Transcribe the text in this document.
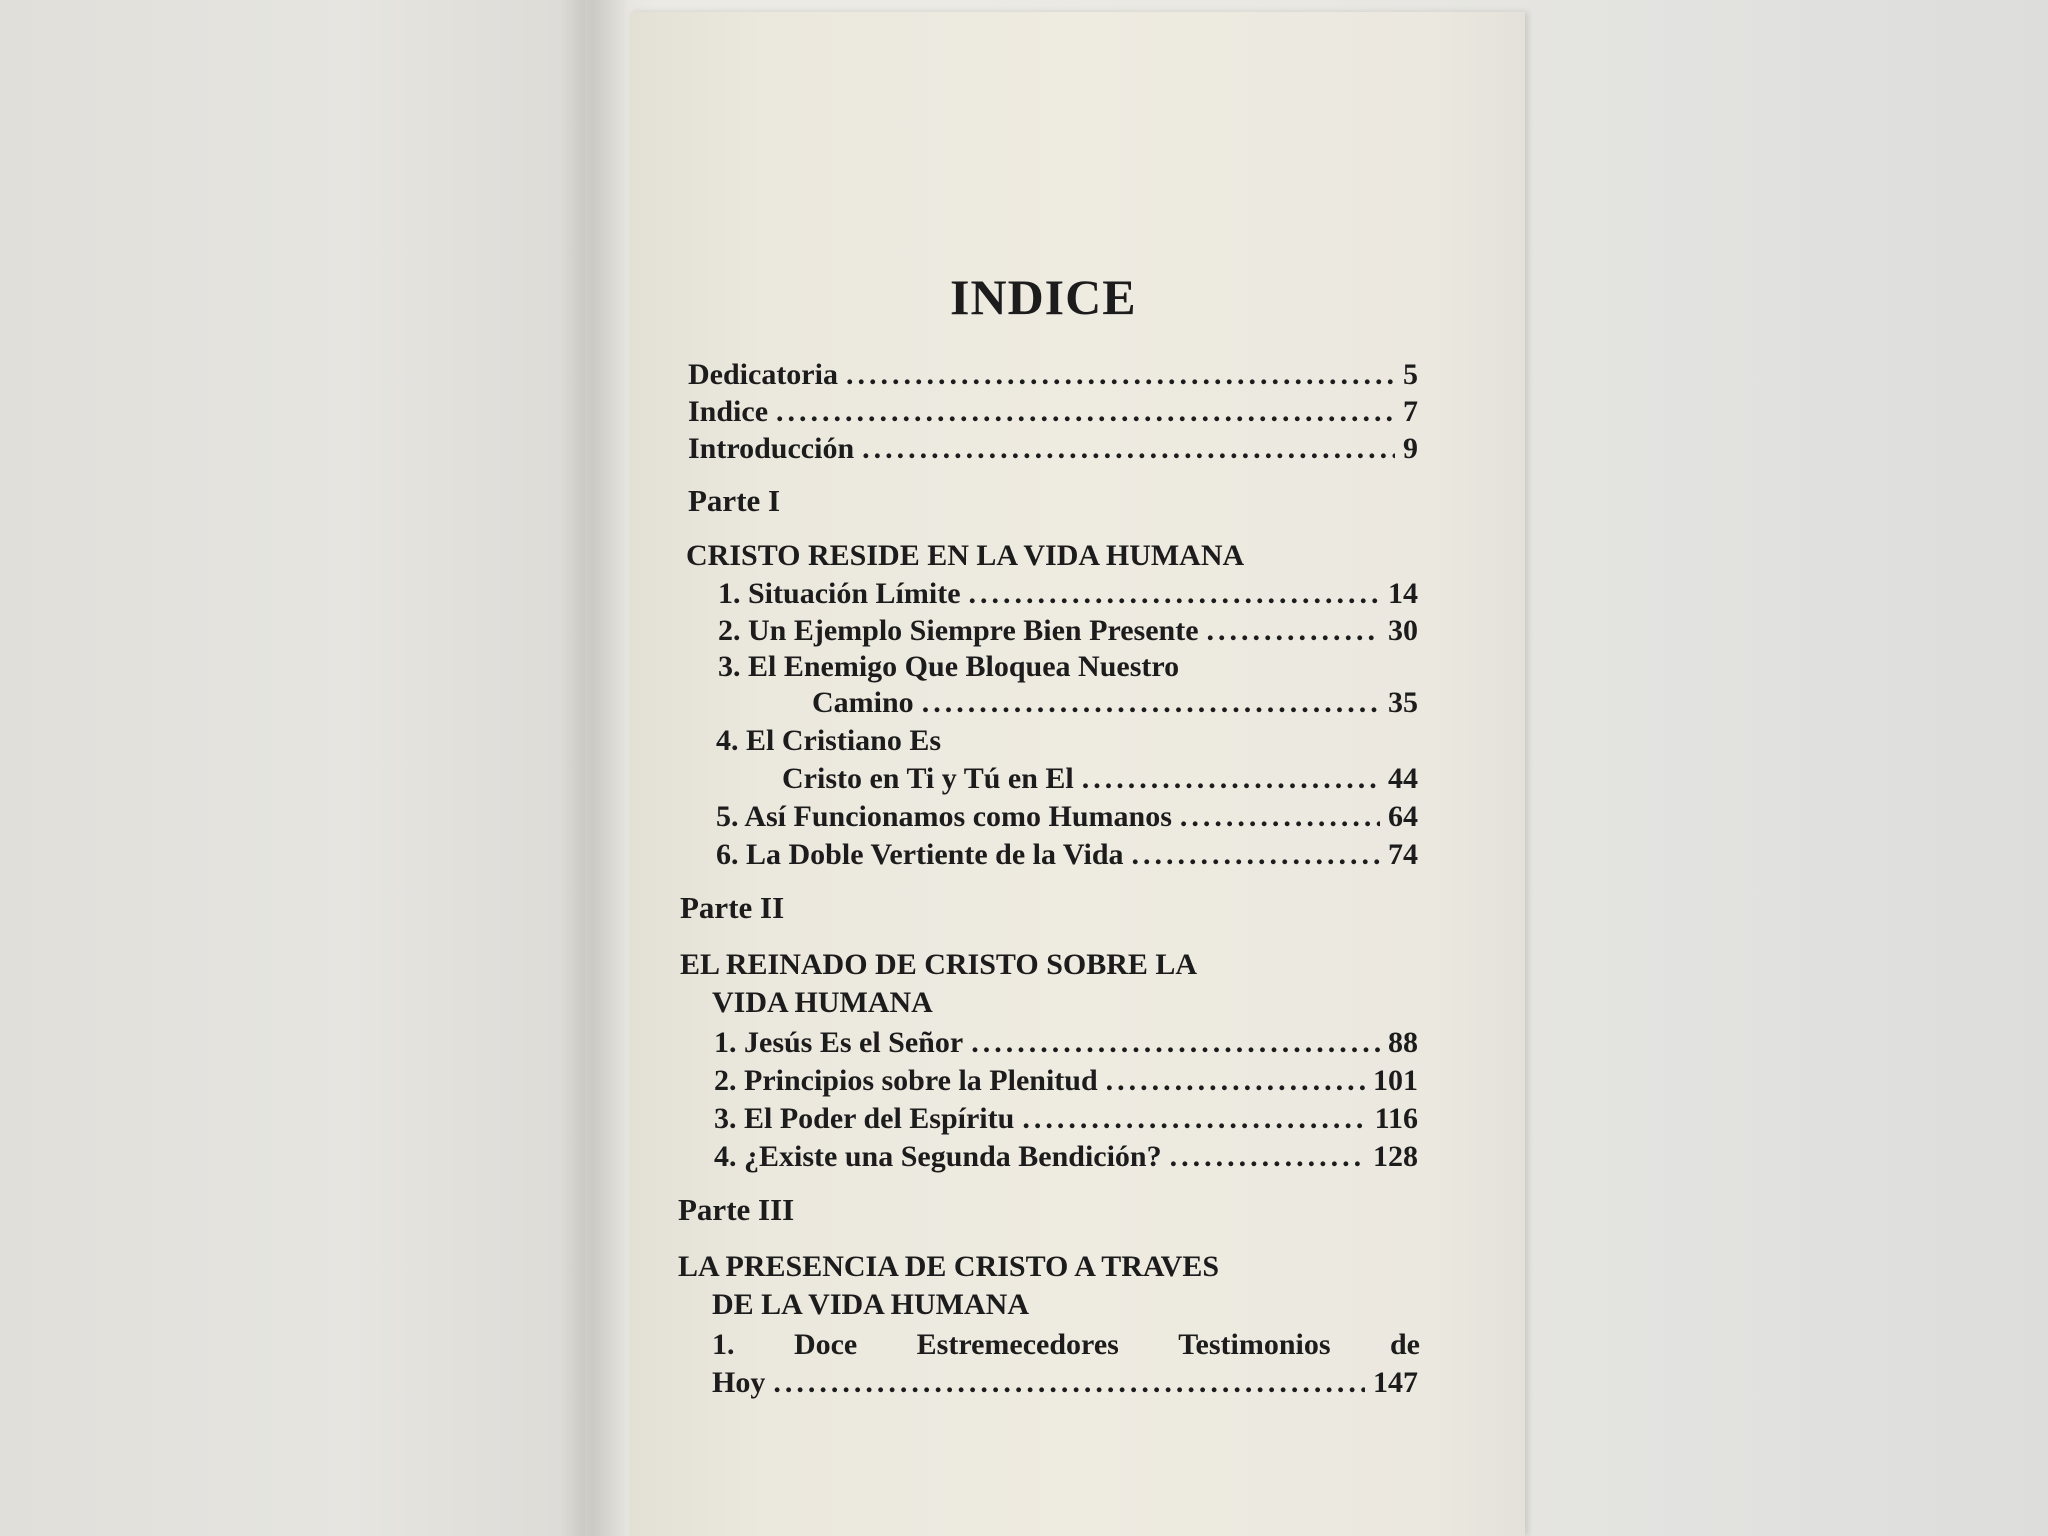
INDICE
Dedicatoria .....	5
Indice .....	7
Introducción .....	9
Parte I
CRISTO RESIDE EN LA VIDA HUMANA
1. Situación Límite .....	14
2. Un Ejemplo Siempre Bien Presente .....	30
3. El Enemigo Que Bloquea Nuestro
Camino .....	35
4. El Cristiano Es
Cristo en Ti y Tú en El .....	44
5. Así Funcionamos como Humanos .....	64
6. La Doble Vertiente de la Vida .....	74
Parte II
EL REINADO DE CRISTO SOBRE LA
VIDA HUMANA
1. Jesús Es el Señor .....	88
2. Principios sobre la Plenitud .....	101
3. El Poder del Espíritu .....	116
4. ¿Existe una Segunda Bendición? .....	128
Parte III
LA PRESENCIA DE CRISTO A TRAVES
DE LA VIDA HUMANA
1. Doce Estremecedores Testimonios de
Hoy .....	147
